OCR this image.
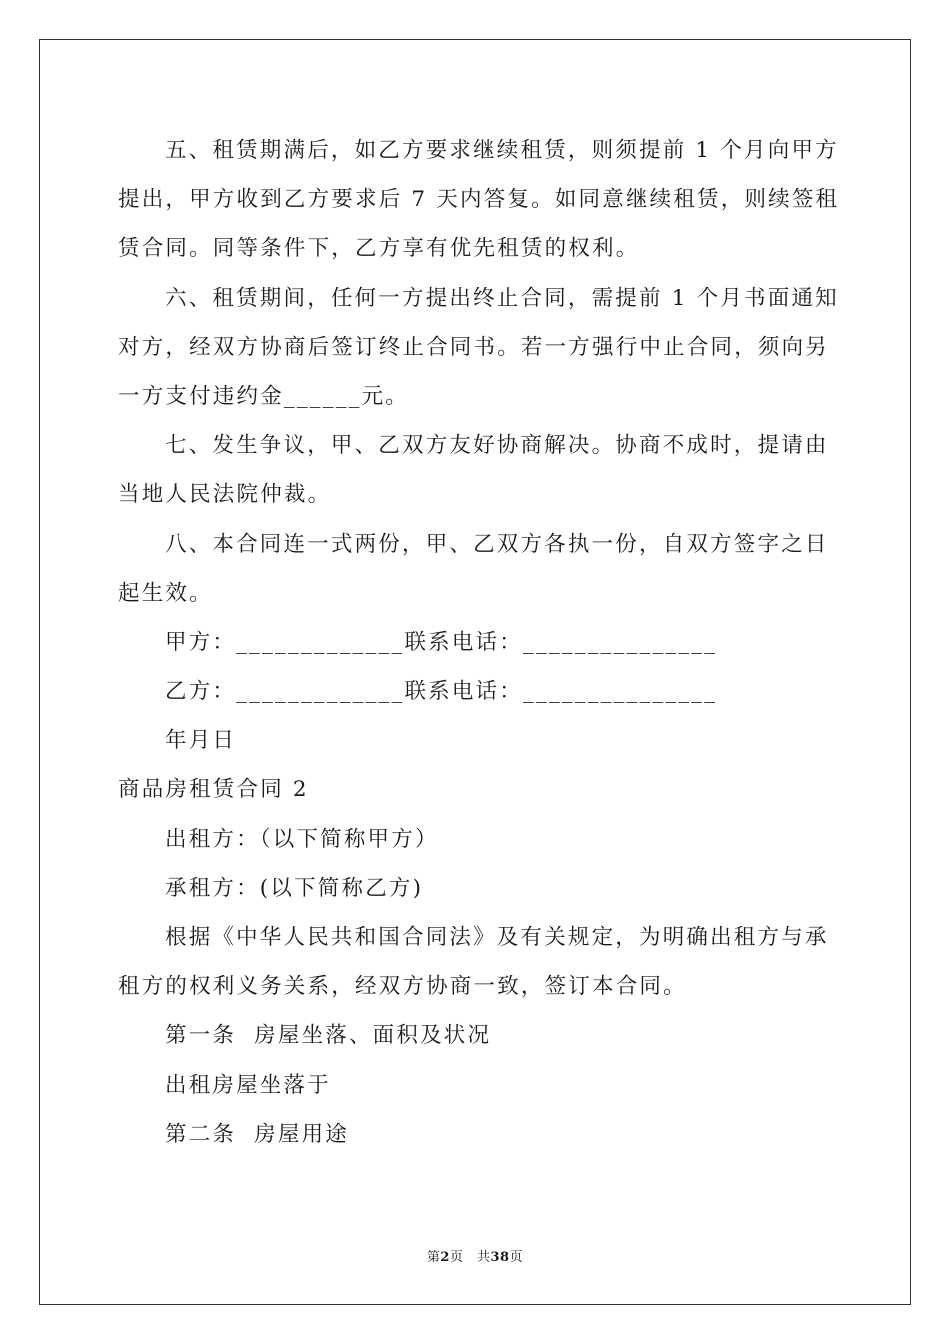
五、租赁期满后，如乙方要求继续租赁，则须提前 1 个月向甲方
提出，甲方收到乙方要求后 7 天内答复。如同意继续租赁，则续签租
赁合同。同等条件下，乙方享有优先租赁的权利。
六、租赁期间，任何一方提出终止合同，需提前 1 个月书面通知
对方，经双方协商后签订终止合同书。若一方强行中止合同，须向另
一方支付违约金______元。
七、发生争议，甲、乙双方友好协商解决。协商不成时，提请由
当地人民法院仲裁。
八、本合同连一式两份，甲、乙双方各执一份，自双方签字之日
起生效。
甲方：_____________联系电话：_______________
乙方：_____________联系电话：_______________
年月日
商品房租赁合同 2
出租方：（以下简称甲方）
承租方：(以下简称乙方)
根据《中华人民共和国合同法》及有关规定，为明确出租方与承
租方的权利义务关系，经双方协商一致，签订本合同。
第一条  房屋坐落、面积及状况
出租房屋坐落于
第二条  房屋用途
第2页　共38页
